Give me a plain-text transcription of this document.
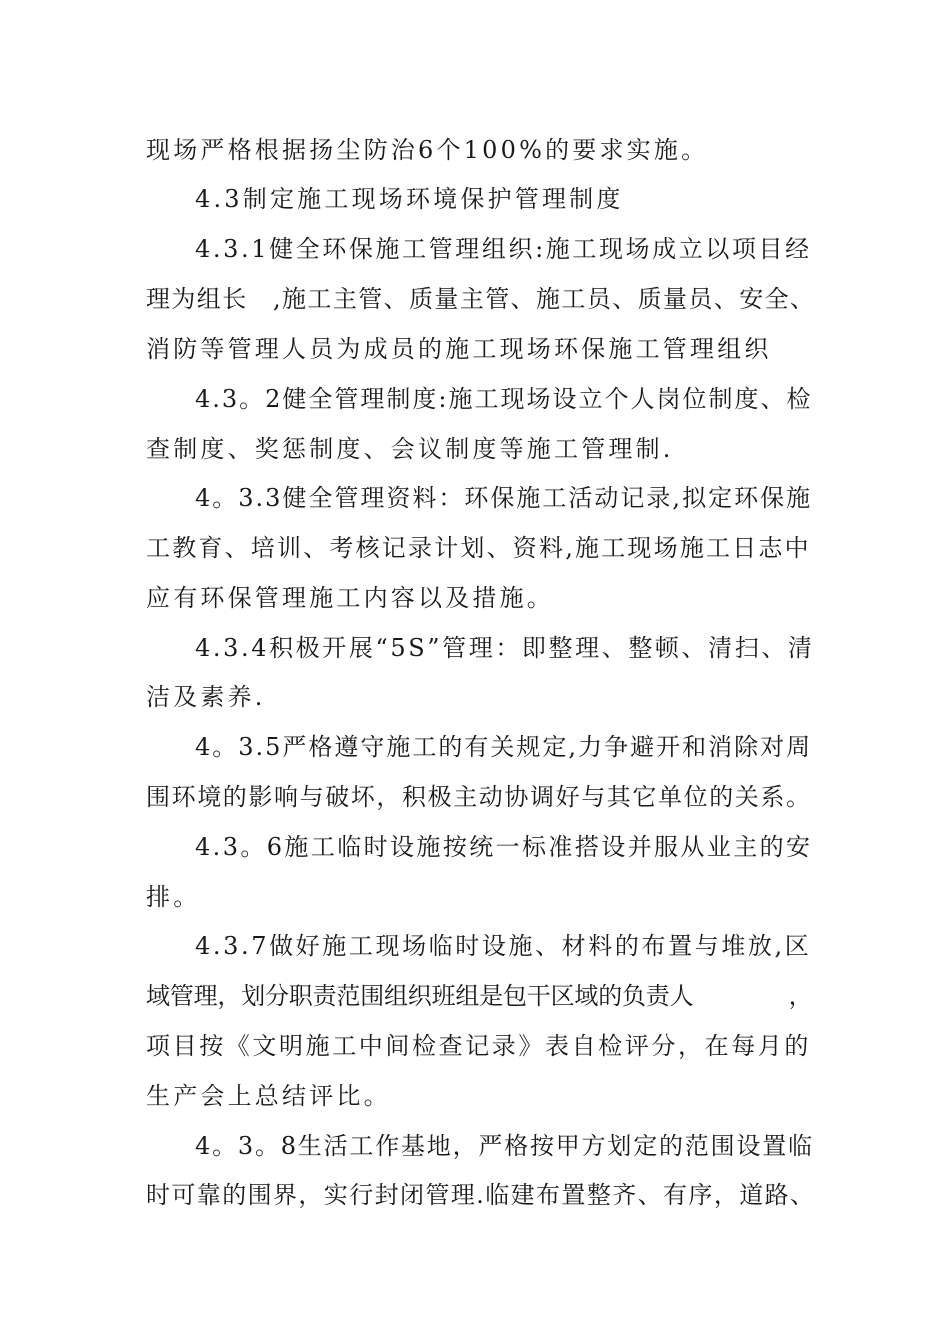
现场严格根据扬尘防治6个100%的要求实施。
4.3制定施工现场环境保护管理制度
4.3.1健全环保施工管理组织:施工现场成立以项目经
理为组长　,施工主管、质量主管、施工员、质量员、安全、
消防等管理人员为成员的施工现场环保施工管理组织
4.3。2健全管理制度:施工现场设立个人岗位制度、检
查制度、奖惩制度、会议制度等施工管理制.
4。3.3健全管理资料：环保施工活动记录,拟定环保施
工教育、培训、考核记录计划、资料,施工现场施工日志中
应有环保管理施工内容以及措施。
4.3.4积极开展“5S”管理：即整理、整顿、清扫、清
洁及素养.
4。3.5严格遵守施工的有关规定,力争避开和消除对周
围环境的影响与破坏，积极主动协调好与其它单位的关系。
4.3。6施工临时设施按统一标准搭设并服从业主的安
排。
4.3.7做好施工现场临时设施、材料的布置与堆放,区
域管理，划分职责范围组织班组是包干区域的负责人　　　　，
项目按《文明施工中间检查记录》表自检评分，在每月的
生产会上总结评比。
4。3。8生活工作基地，严格按甲方划定的范围设置临
时可靠的围界，实行封闭管理.临建布置整齐、有序，道路、
